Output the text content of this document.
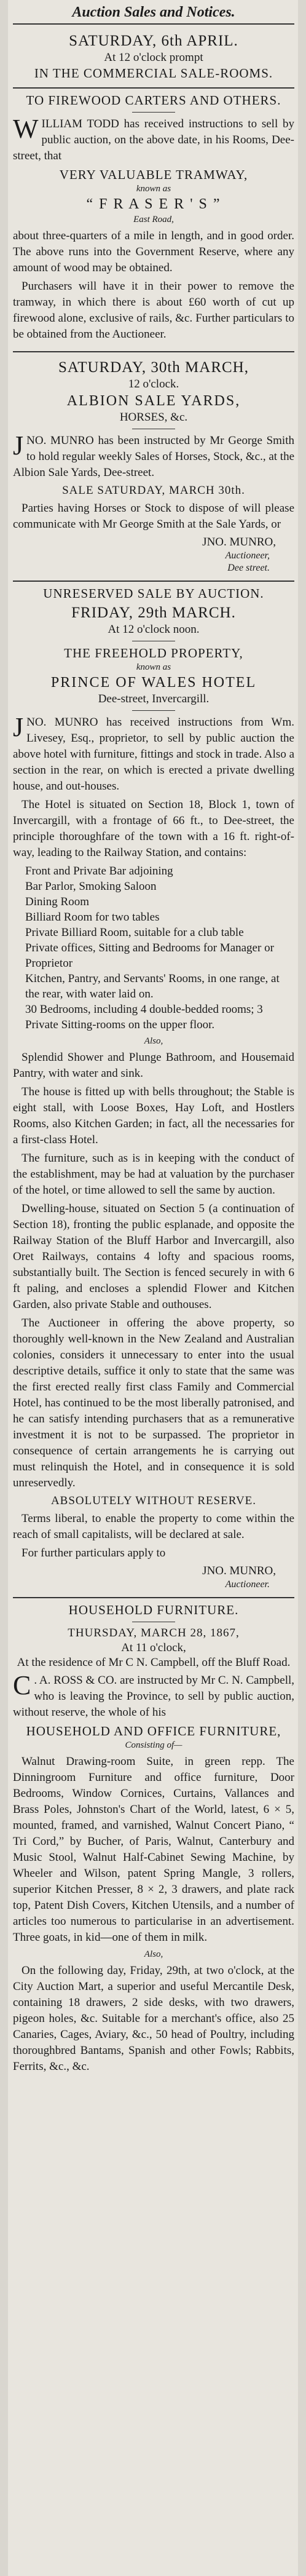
Auction Sales and Notices.
SATURDAY, 6th APRIL.
At 12 o'clock prompt
IN THE COMMERCIAL SALE-ROOMS.
TO FIREWOOD CARTERS AND OTHERS.
WILLIAM TODD has received instructions to sell by public auction, on the above date, in his Rooms, Dee-street, that
VERY VALUABLE TRAMWAY,
known as
“ F R A S E R ' S ”
East Road,
about three-quarters of a mile in length, and in good order. The above runs into the Government Reserve, where any amount of wood may be obtained.
Purchasers will have it in their power to remove the tramway, in which there is about £60 worth of cut up firewood alone, exclusive of rails, &c. Further particulars to be obtained from the Auctioneer.
SATURDAY, 30th MARCH,
12 o'clock.
ALBION SALE YARDS,
HORSES, &c.
JNO. MUNRO has been instructed by Mr George Smith to hold regular weekly Sales of Horses, Stock, &c., at the Albion Sale Yards, Dee-street.
SALE SATURDAY, MARCH 30th.
Parties having Horses or Stock to dispose of will please communicate with Mr George Smith at the Sale Yards, or
JNO. MUNRO,
Auctioneer,
Dee street.
UNRESERVED SALE BY AUCTION.
FRIDAY, 29th MARCH.
At 12 o'clock noon.
THE FREEHOLD PROPERTY,
known as
PRINCE OF WALES HOTEL
Dee-street, Invercargill.
JNO. MUNRO has received instructions from Wm. Livesey, Esq., proprietor, to sell by public auction the above hotel with furniture, fittings and stock in trade. Also a section in the rear, on which is erected a private dwelling house, and out-houses.
The Hotel is situated on Section 18, Block 1, town of Invercargill, with a frontage of 66 ft., to Dee-street, the principle thoroughfare of the town with a 16 ft. right-of-way, leading to the Railway Station, and contains:
Front and Private Bar adjoining
Bar Parlor, Smoking Saloon
Dining Room
Billiard Room for two tables
Private Billiard Room, suitable for a club table
Private offices, Sitting and Bedrooms for Manager or Proprietor
Kitchen, Pantry, and Servants' Rooms, in one range, at the rear, with water laid on.
30 Bedrooms, including 4 double-bedded rooms; 3 Private Sitting-rooms on the upper floor.
Also,
Splendid Shower and Plunge Bathroom, and Housemaid Pantry, with water and sink.
The house is fitted up with bells throughout; the Stable is eight stall, with Loose Boxes, Hay Loft, and Hostlers Rooms, also Kitchen Garden; in fact, all the necessaries for a first-class Hotel.
The furniture, such as is in keeping with the conduct of the establishment, may be had at valuation by the purchaser of the hotel, or time allowed to sell the same by auction.
Dwelling-house, situated on Section 5 (a continuation of Section 18), fronting the public esplanade, and opposite the Railway Station of the Bluff Harbor and Invercargill, also Oret Railways, contains 4 lofty and spacious rooms, substantially built. The Section is fenced securely in with 6 ft paling, and encloses a splendid Flower and Kitchen Garden, also private Stable and outhouses.
The Auctioneer in offering the above property, so thoroughly well-known in the New Zealand and Australian colonies, considers it unnecessary to enter into the usual descriptive details, suffice it only to state that the same was the first erected really first class Family and Commercial Hotel, has continued to be the most liberally patronised, and he can satisfy intending purchasers that as a remunerative investment it is not to be surpassed. The proprietor in consequence of certain arrangements he is carrying out must relinquish the Hotel, and in consequence it is sold unreservedly.
ABSOLUTELY WITHOUT RESERVE.
Terms liberal, to enable the property to come within the reach of small capitalists, will be declared at sale.
For further particulars apply to
JNO. MUNRO,
Auctioneer.
HOUSEHOLD FURNITURE.
THURSDAY, MARCH 28, 1867,
At 11 o'clock,
At the residence of Mr C N. Campbell, off the Bluff Road.
C . A. ROSS & CO. are instructed by Mr C. N. Campbell, who is leaving the Province, to sell by public auction, without reserve, the whole of his
HOUSEHOLD AND OFFICE FURNITURE,
Consisting of—
Walnut Drawing-room Suite, in green repp. The Dinningroom Furniture and office furniture, Door Bedrooms, Window Cornices, Curtains, Vallances and Brass Poles, Johnston's Chart of the World, latest, 6 × 5, mounted, framed, and varnished, Walnut Concert Piano, “ Tri Cord,” by Bucher, of Paris, Walnut, Canterbury and Music Stool, Walnut Half-Cabinet Sewing Machine, by Wheeler and Wilson, patent Spring Mangle, 3 rollers, superior Kitchen Presser, 8 × 2, 3 drawers, and plate rack top, Patent Dish Covers, Kitchen Utensils, and a number of articles too numerous to particularise in an advertisement. Three goats, in kid—one of them in milk.
Also,
On the following day, Friday, 29th, at two o'clock, at the City Auction Mart, a superior and useful Mercantile Desk, containing 18 drawers, 2 side desks, with two drawers, pigeon holes, &c. Suitable for a merchant's office, also 25 Canaries, Cages, Aviary, &c., 50 head of Poultry, including thoroughbred Bantams, Spanish and other Fowls; Rabbits, Ferrits, &c., &c.
